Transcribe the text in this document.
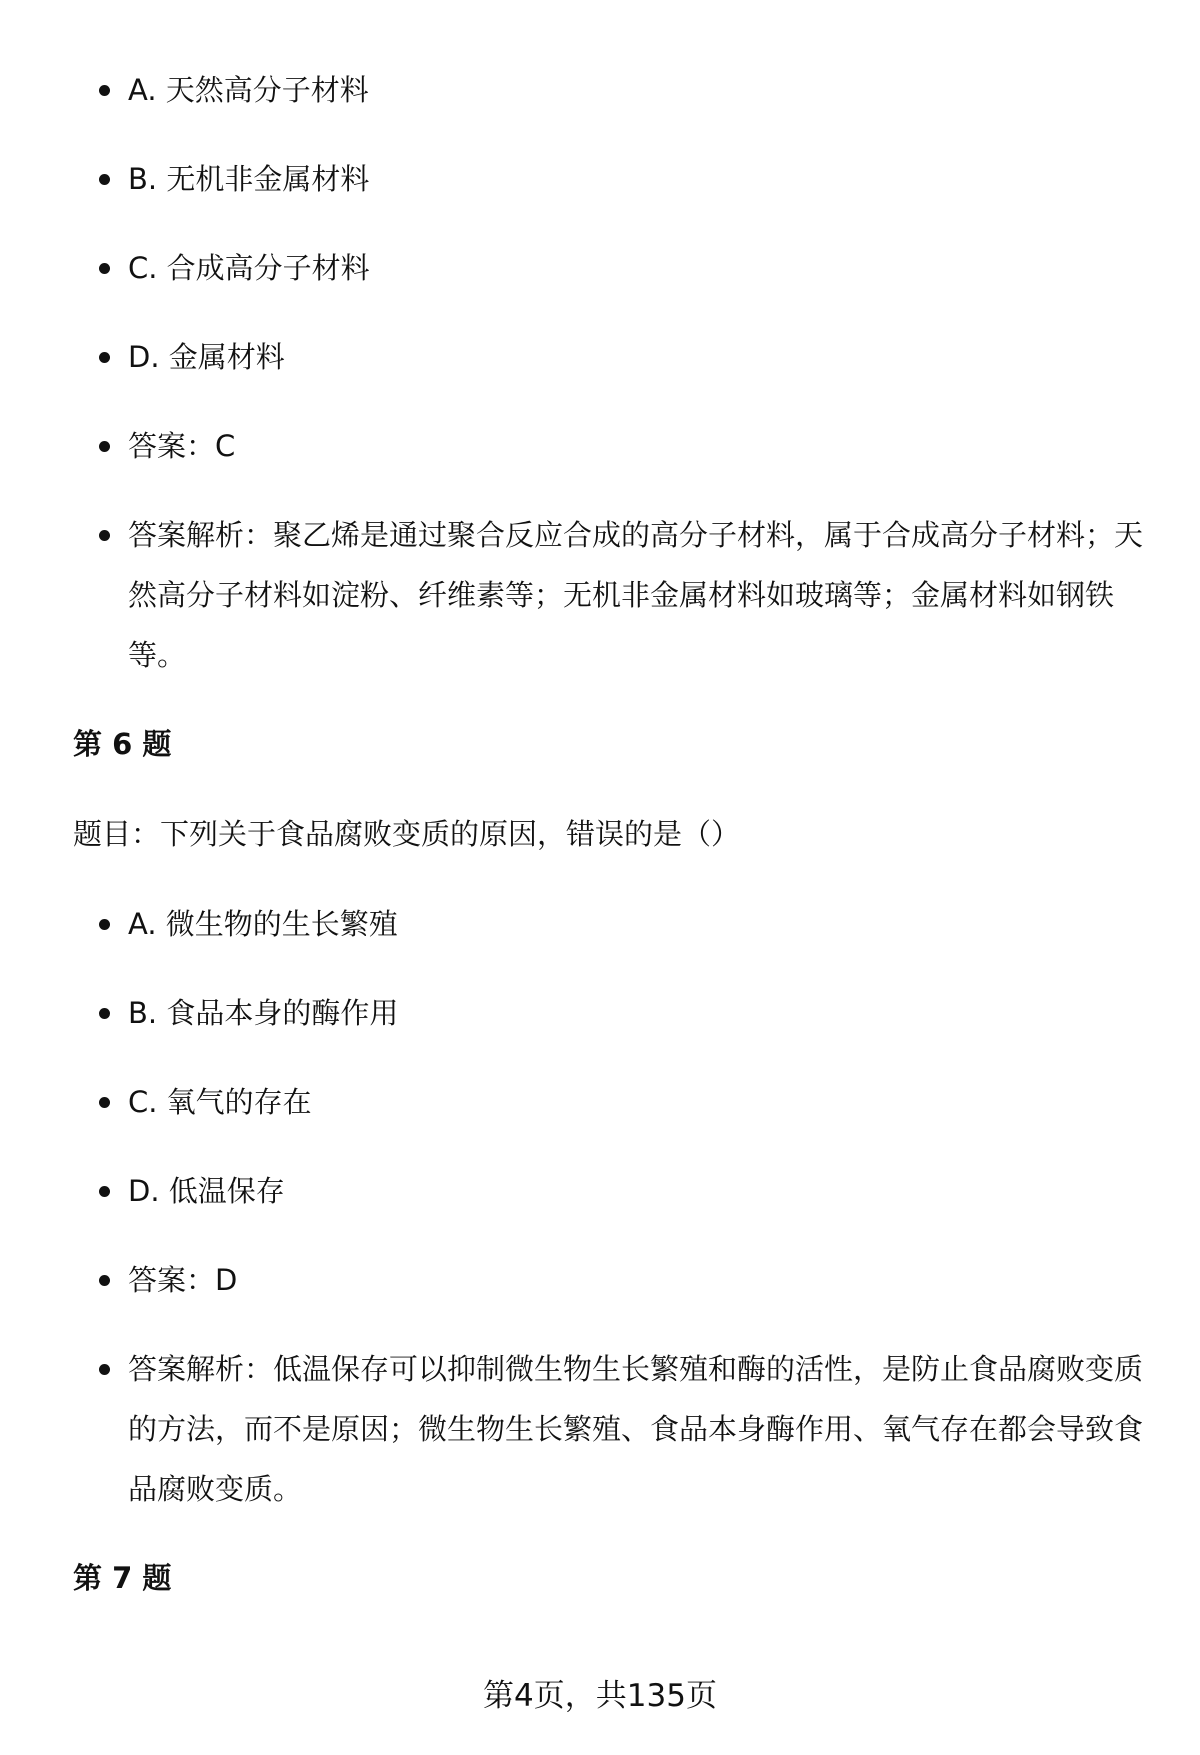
A. 天然高分子材料
B. 无机非金属材料
C. 合成高分子材料
D. 金属材料
答案：C
答案解析：聚乙烯是通过聚合反应合成的高分子材料，属于合成高分子材料；天然高分子材料如淀粉、纤维素等；无机非金属材料如玻璃等；金属材料如钢铁等。
第 6 题
题目：下列关于食品腐败变质的原因，错误的是（）
A. 微生物的生长繁殖
B. 食品本身的酶作用
C. 氧气的存在
D. 低温保存
答案：D
答案解析：低温保存可以抑制微生物生长繁殖和酶的活性，是防止食品腐败变质的方法，而不是原因；微生物生长繁殖、食品本身酶作用、氧气存在都会导致食品腐败变质。
第 7 题
第4页，共135页
